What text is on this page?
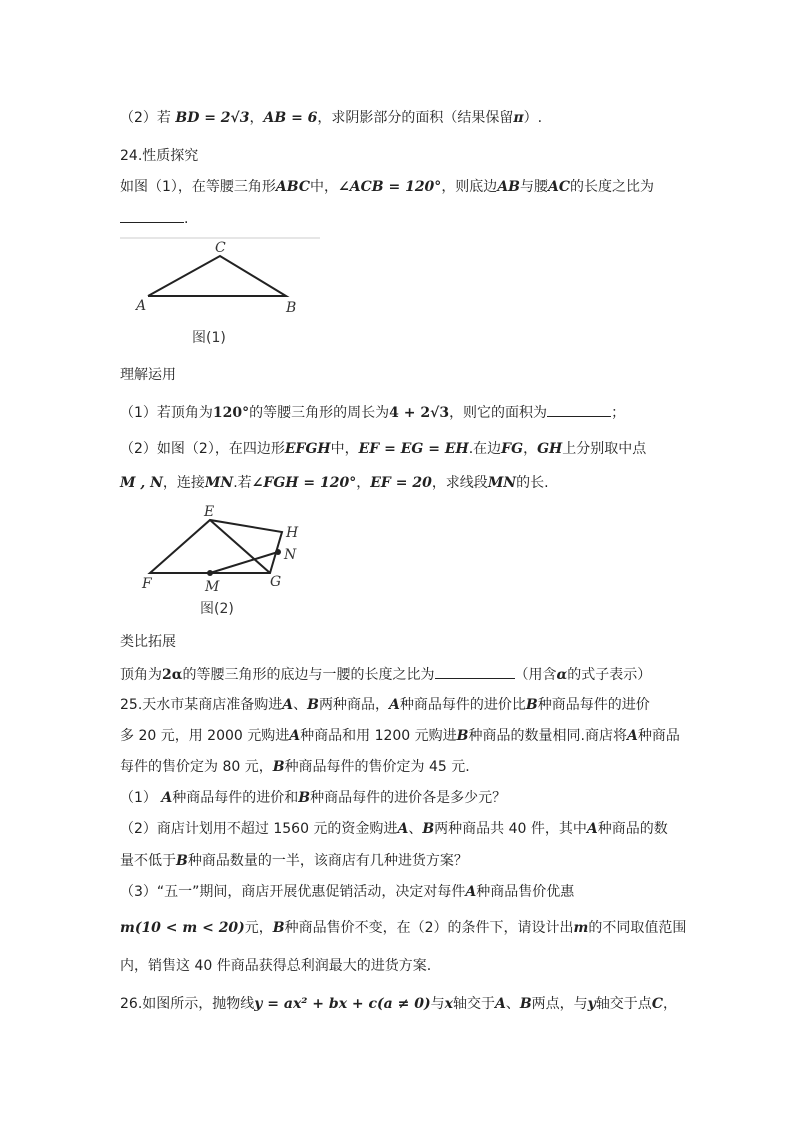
（2）若 BD = 2√3，AB = 6，求阴影部分的面积（结果保留π）.
24.性质探究
如图（1），在等腰三角形ABC中，∠ACB = 120°，则底边AB与腰AC的长度之比为
.
C
A	B
图(1)
理解运用
（1）若顶角为120°的等腰三角形的周长为4 + 2√3，则它的面积为	；
（2）如图（2），在四边形EFGH中，EF = EG = EH.在边FG，GH上分别取中点
M , N，连接MN.若∠FGH = 120°，EF = 20，求线段MN的长.
E
H
N
F	M	G
图(2)
类比拓展
顶角为2α的等腰三角形的底边与一腰的长度之比为	（用含α的式子表示）
25.天水市某商店准备购进A、B两种商品，A种商品每件的进价比B种商品每件的进价
多 20 元，用 2000 元购进A种商品和用 1200 元购进B种商品的数量相同.商店将A种商品
每件的售价定为 80 元，B种商品每件的售价定为 45 元.
（1） A种商品每件的进价和B种商品每件的进价各是多少元？
（2）商店计划用不超过 1560 元的资金购进A、B两种商品共 40 件，其中A种商品的数
量不低于B种商品数量的一半，该商店有几种进货方案？
（3）“五一”期间，商店开展优惠促销活动，决定对每件A种商品售价优惠
m(10 < m < 20)元，B种商品售价不变，在（2）的条件下，请设计出m的不同取值范围
内，销售这 40 件商品获得总利润最大的进货方案.
26.如图所示，抛物线y = ax² + bx + c(a ≠ 0)与x轴交于A、B两点，与y轴交于点C，
